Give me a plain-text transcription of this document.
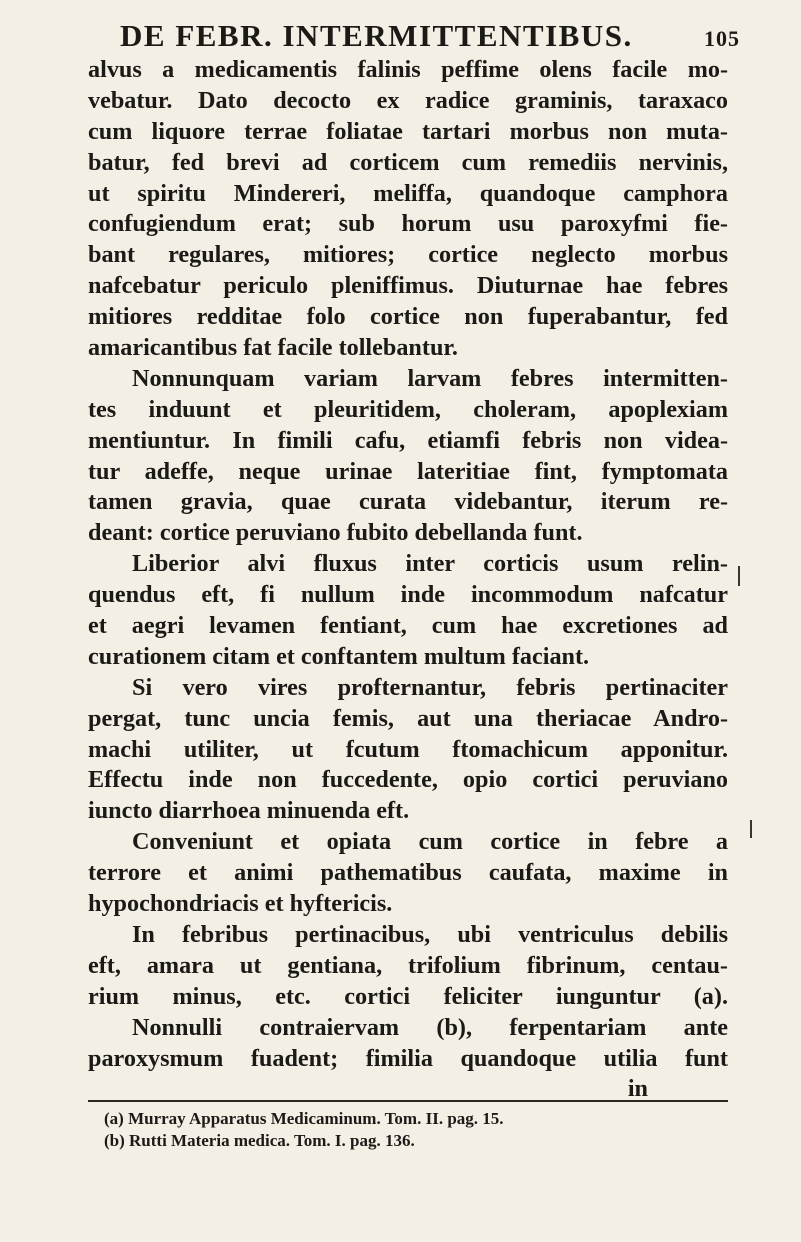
DE FEBR. INTERMITTENTIBUS.	105
alvus a medicamentis falinis peffime olens facile mo-
vebatur. Dato decocto ex radice graminis, taraxaco
cum liquore terrae foliatae tartari morbus non muta-
batur, fed brevi ad corticem cum remediis nervinis,
ut spiritu Mindereri, meliffa, quandoque camphora
confugiendum erat; sub horum usu paroxyfmi fie-
bant regulares, mitiores; cortice neglecto morbus
nafcebatur periculo pleniffimus. Diuturnae hae febres
mitiores redditae folo cortice non fuperabantur, fed
amaricantibus fat facile tollebantur.
Nonnunquam variam larvam febres intermitten-
tes induunt et pleuritidem, choleram, apoplexiam
mentiuntur. In fimili cafu, etiamfi febris non videa-
tur adeffe, neque urinae lateritiae fint, fymptomata
tamen gravia, quae curata videbantur, iterum re-
deant: cortice peruviano fubito debellanda funt.
Liberior alvi fluxus inter corticis usum relin-
quendus eft, fi nullum inde incommodum nafcatur
et aegri levamen fentiant, cum hae excretiones ad
curationem citam et conftantem multum faciant.
Si vero vires profternantur, febris pertinaciter
pergat, tunc uncia femis, aut una theriacae Andro-
machi utiliter, ut fcutum ftomachicum apponitur.
Effectu inde non fuccedente, opio cortici peruviano
iuncto diarrhoea minuenda eft.
Conveniunt et opiata cum cortice in febre a
terrore et animi pathematibus caufata, maxime in
hypochondriacis et hyftericis.
In febribus pertinacibus, ubi ventriculus debilis
eft, amara ut gentiana, trifolium fibrinum, centau-
rium minus, etc. cortici feliciter iunguntur (a).
Nonnulli contraiervam (b), ferpentariam ante
paroxysmum fuadent; fimilia quandoque utilia funt
in
(a) Murray Apparatus Medicaminum. Tom. II. pag. 15.
(b) Rutti Materia medica. Tom. I. pag. 136.
